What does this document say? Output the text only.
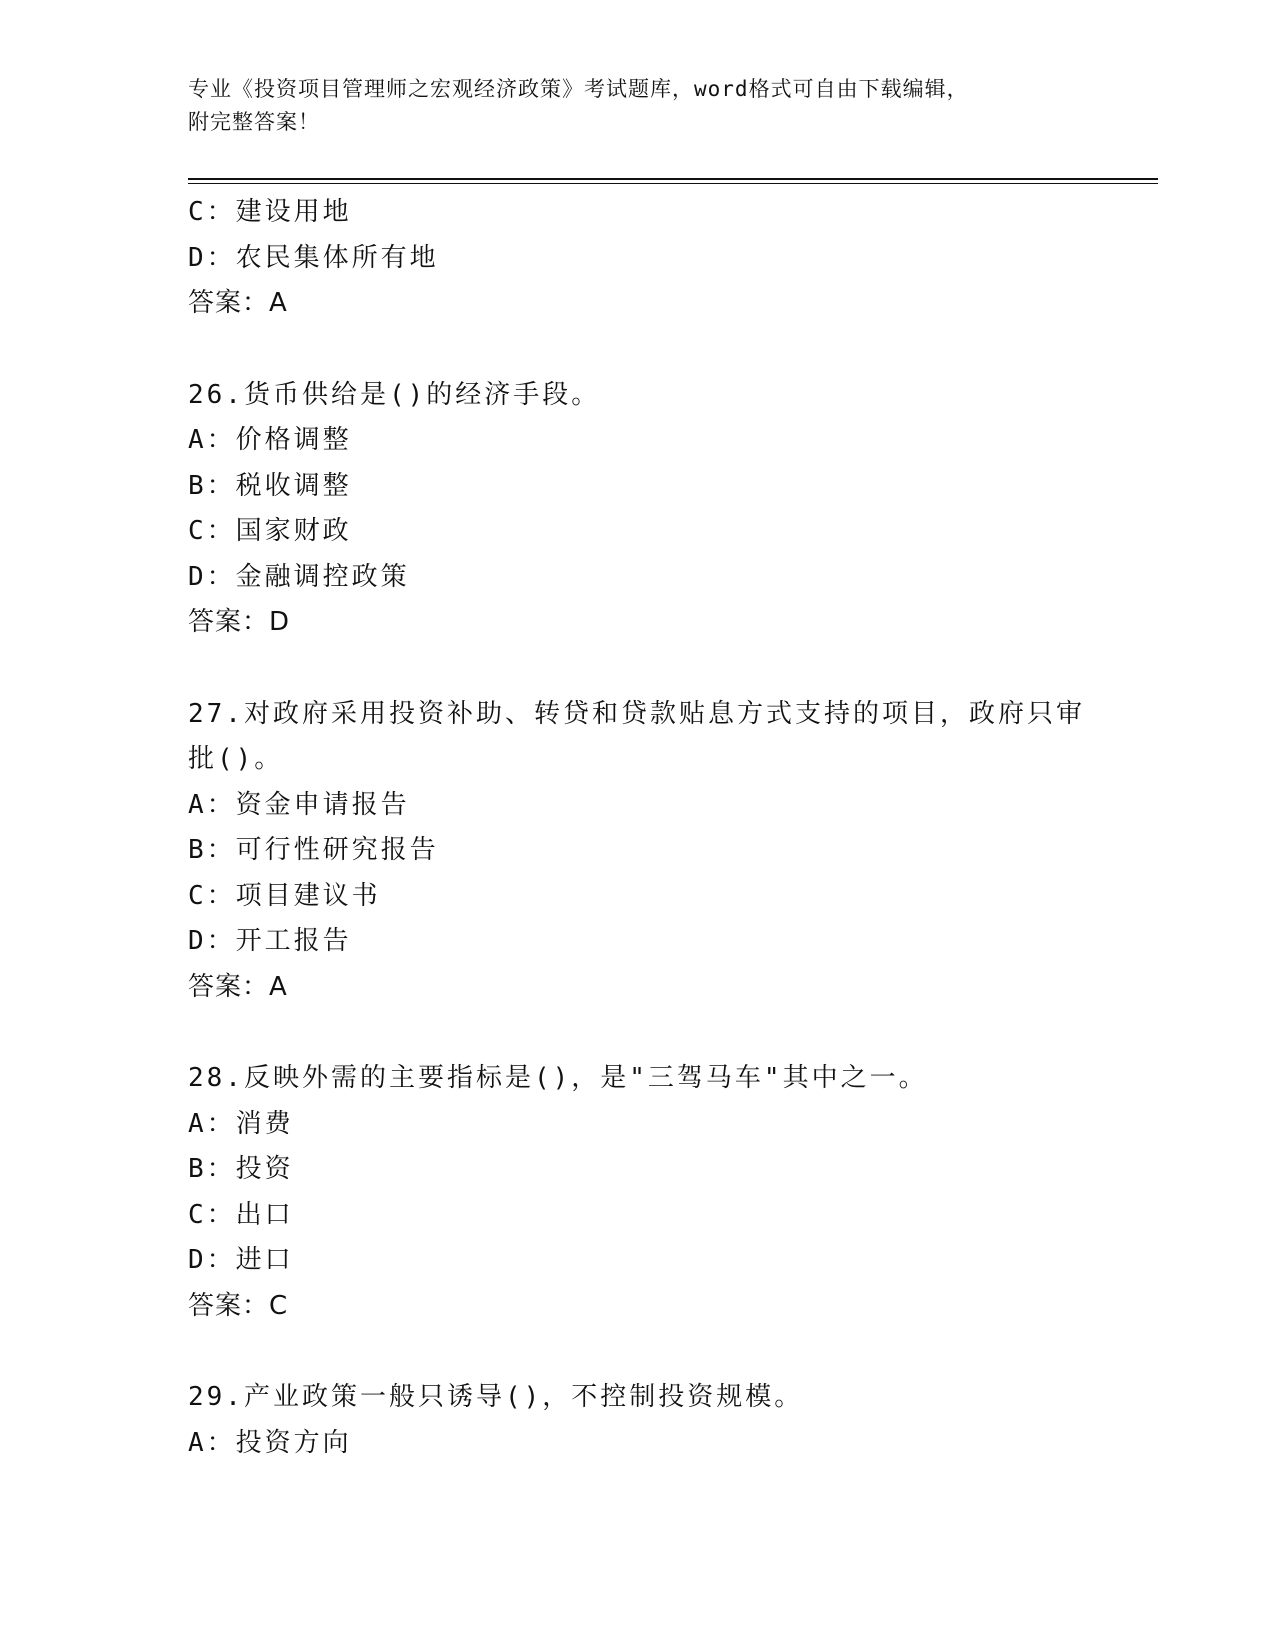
专业《投资项目管理师之宏观经济政策》考试题库，word格式可自由下载编辑，
附完整答案！
C：建设用地
D：农民集体所有地
答案：A
26.货币供给是()的经济手段。
A：价格调整
B：税收调整
C：国家财政
D：金融调控政策
答案：D
27.对政府采用投资补助、转贷和贷款贴息方式支持的项目，政府只审批()。
A：资金申请报告
B：可行性研究报告
C：项目建议书
D：开工报告
答案：A
28.反映外需的主要指标是()，是"三驾马车"其中之一。
A：消费
B：投资
C：出口
D：进口
答案：C
29.产业政策一般只诱导()，不控制投资规模。
A：投资方向
